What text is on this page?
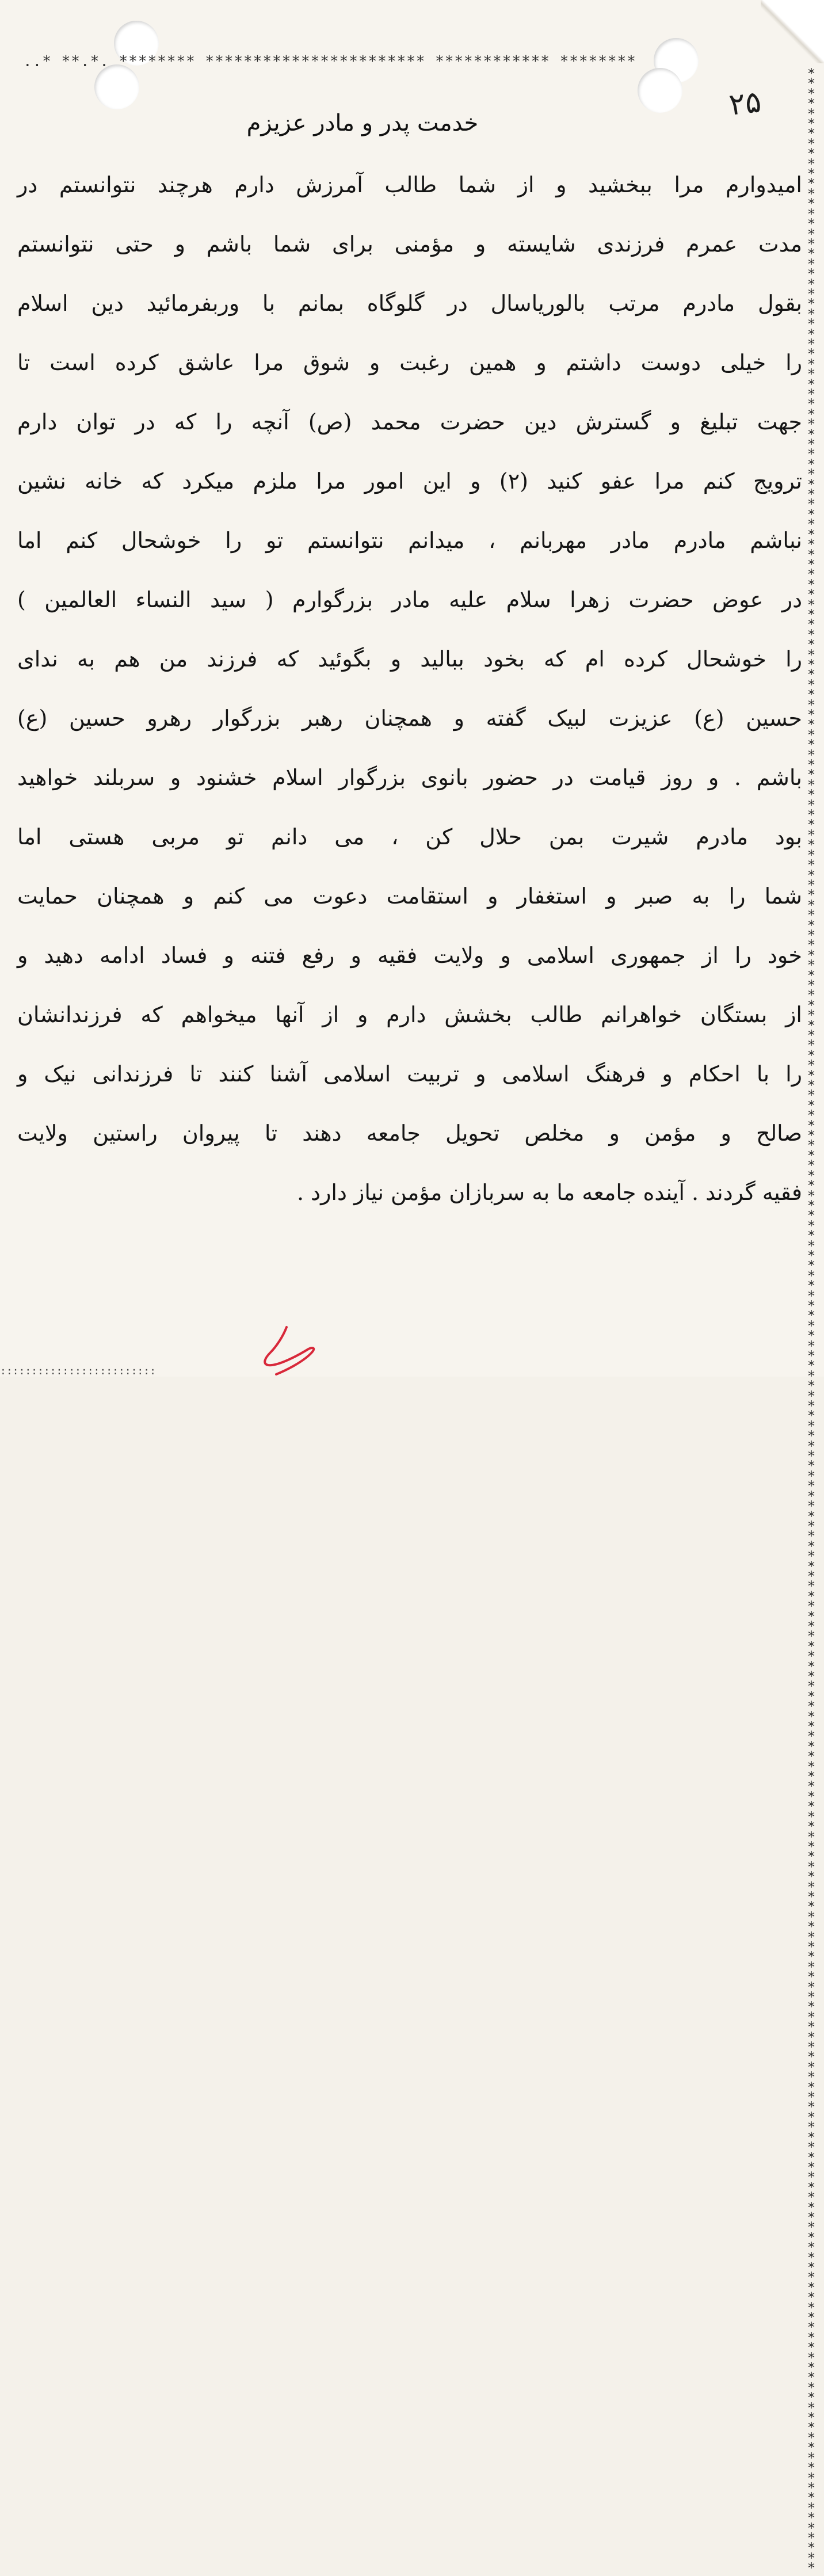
..* **.*. ******** *********************** ************ ********
**********************************************************************************************************************************************************************************************************************************************************
:::::::::::::::::::::::::
۲۵
خدمت پدر و مادر عزیزم
امیدوارم مرا ببخشید و از شما طالب آمرزش دارم هرچند نتوانستم در
مدت عمرم فرزندی شایسته و مؤمنی برای شما باشم و حتی نتوانستم
بقول مادرم مرتب بالوریاسال در گلوگاه بمانم با وربفرمائید دین اسلام
را خیلی دوست داشتم و همین رغبت و شوق مرا عاشق کرده است تا
جهت تبلیغ و گسترش دین حضرت محمد (ص) آنچه را که در توان دارم
ترویج کنم مرا عفو کنید (۲) و این امور مرا ملزم میکرد که خانه نشین
نباشم مادرم مادر مهربانم ، میدانم نتوانستم تو را خوشحال کنم اما
در عوض حضرت زهرا سلام علیه مادر بزرگوارم ( سید النساء العالمین )
را خوشحال کرده ام که بخود ببالید و بگوئید که فرزند من هم به ندای
حسین (ع) عزیزت لبیک گفته و همچنان رهبر بزرگوار رهرو حسین (ع)
باشم . و روز قیامت در حضور بانوی بزرگوار اسلام خشنود و سربلند خواهید
بود مادرم شیرت بمن حلال کن ، می دانم تو مربی هستی اما
شما را به صبر و استغفار و استقامت دعوت می کنم و همچنان حمایت
خود را از جمهوری اسلامی و ولایت فقیه و رفع فتنه و فساد ادامه دهید و
از بستگان خواهرانم طالب بخشش دارم و از آنها میخواهم که فرزندانشان
را با احکام و فرهنگ اسلامی و تربیت اسلامی آشنا کنند تا فرزندانی نیک و
صالح و مؤمن و مخلص تحویل جامعه دهند تا پیروان راستین ولایت
فقیه گردند . آینده جامعه ما به سربازان مؤمن نیاز دارد .
